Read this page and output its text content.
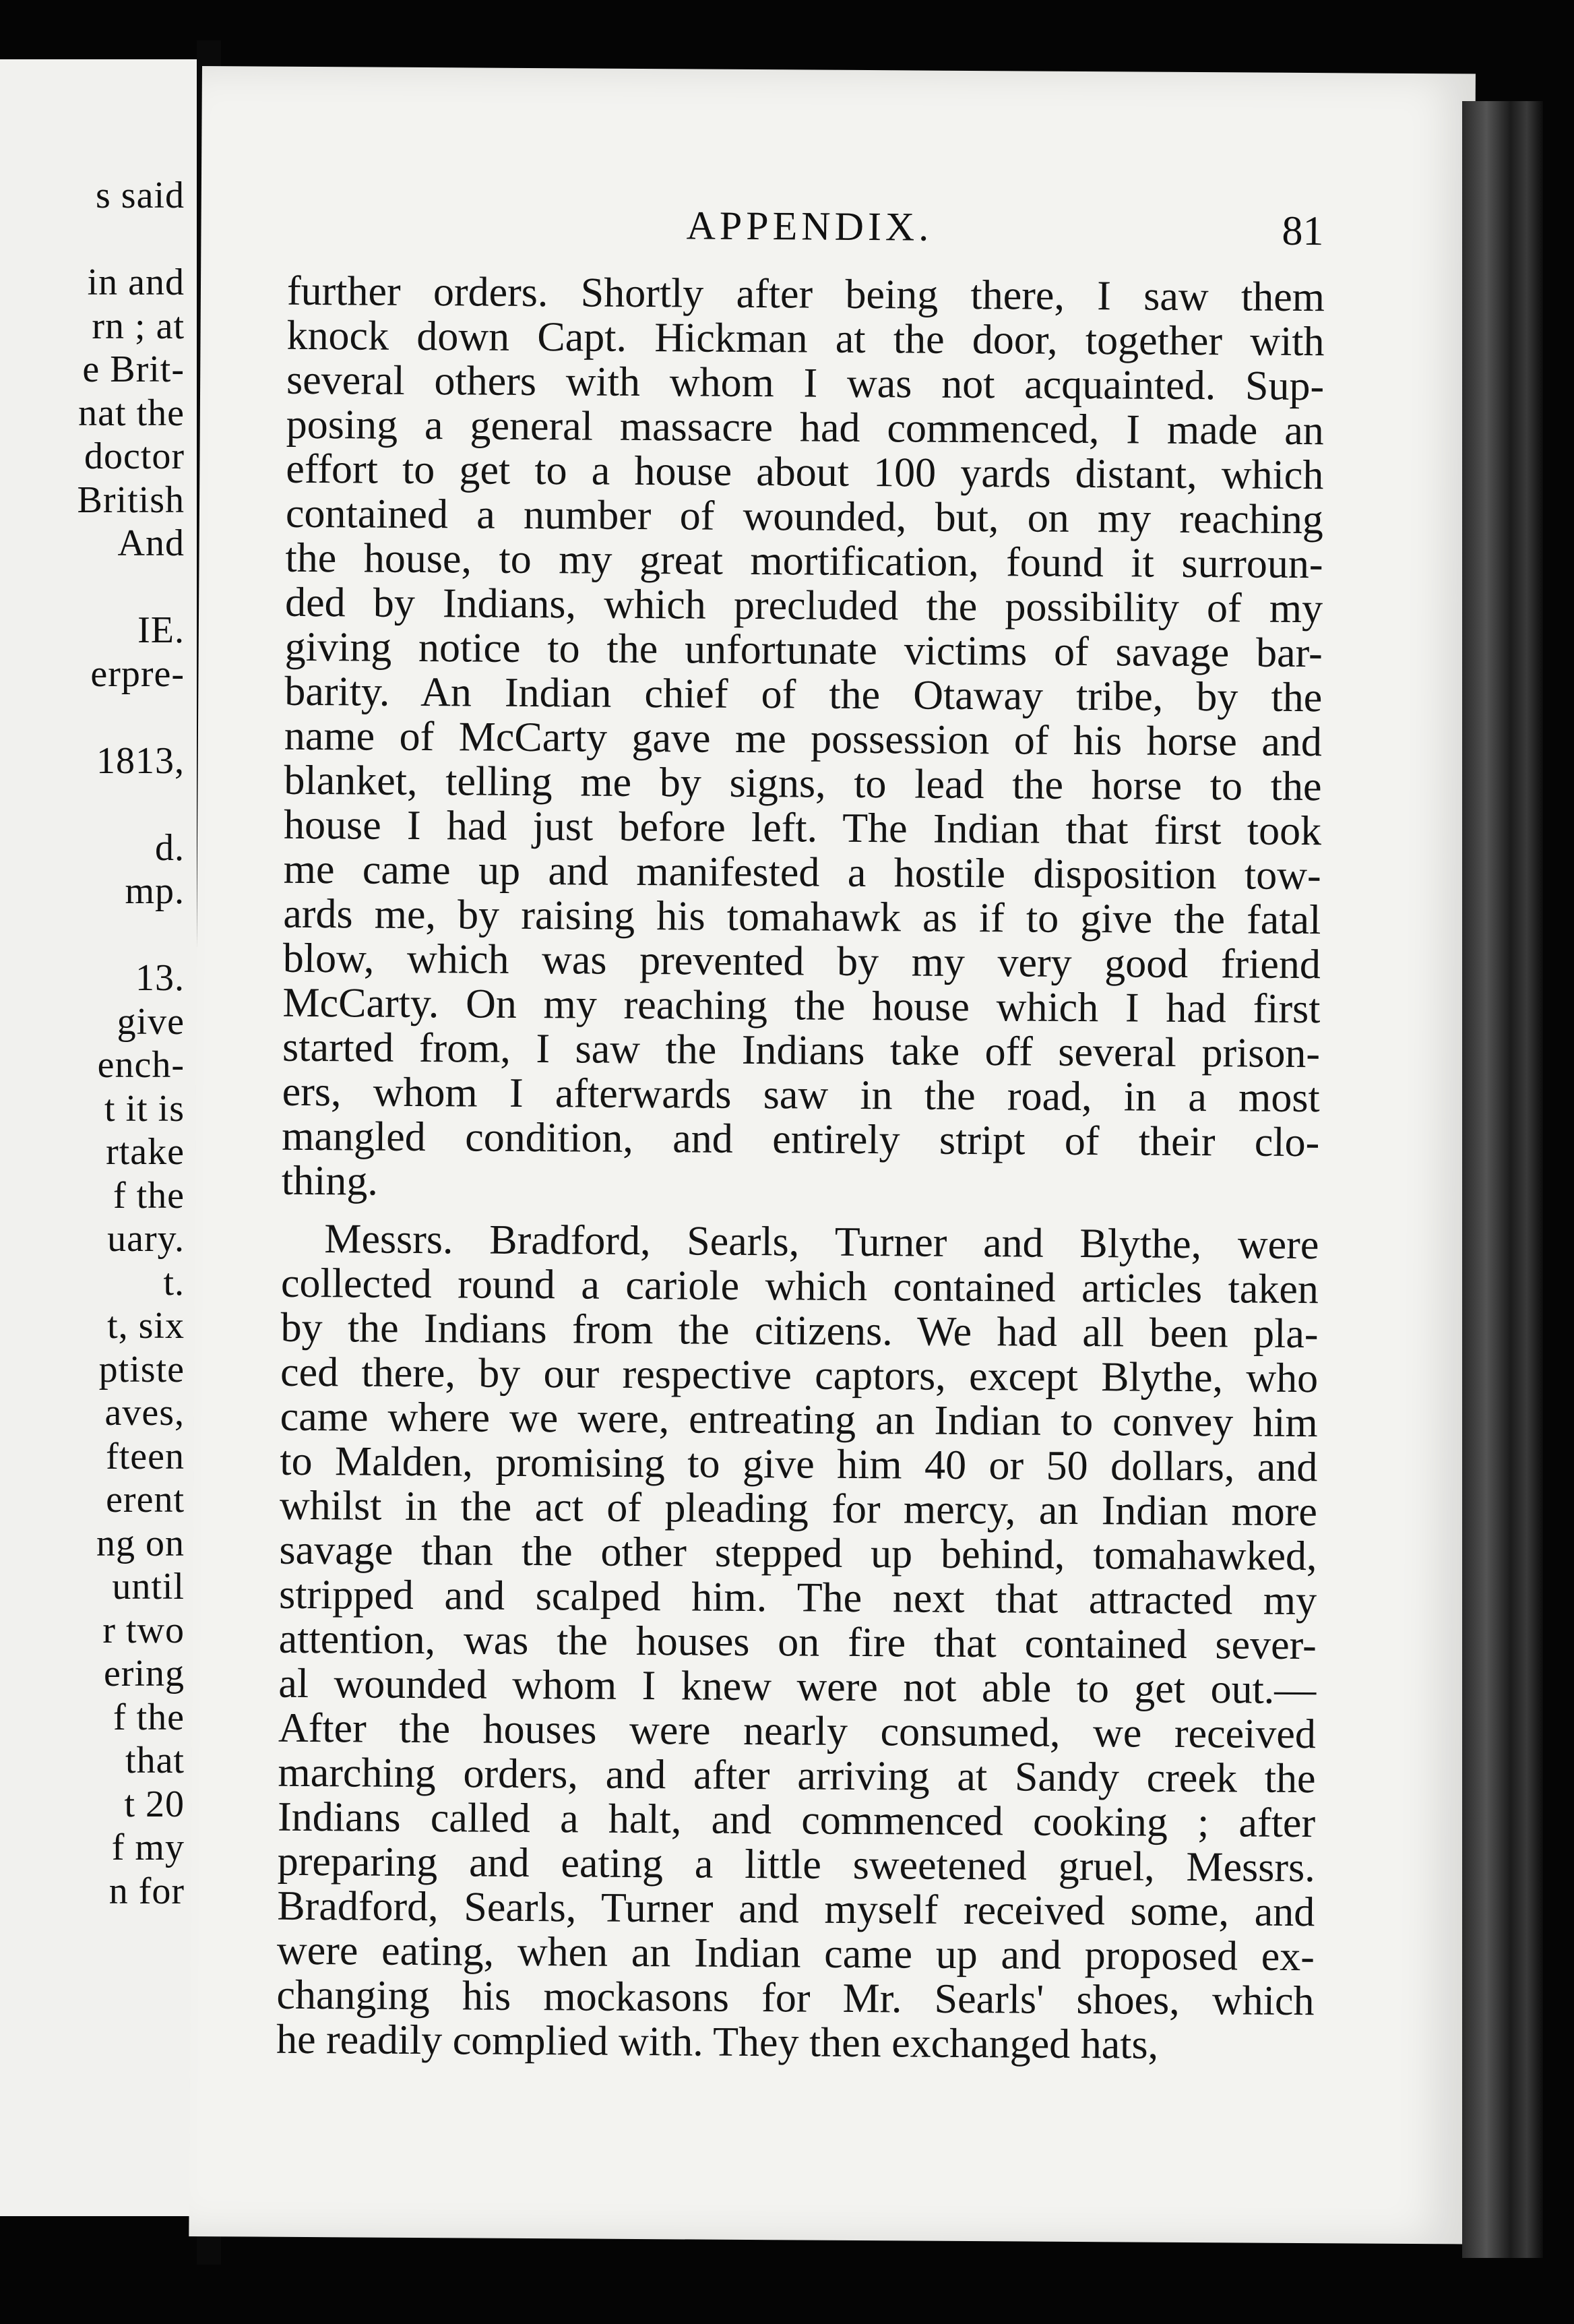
s said
in and
rn ; at
e Brit-
nat the
doctor
British
And
IE.
erpre-
1813,
d.
mp.
13.
give
ench-
t it is
rtake
f the
uary.
t.
t, six
ptiste
aves,
fteen
erent
ng on
until
r two
ering
f the
that
t 20
f my
n for
APPENDIX.	81
further orders. Shortly after being there, I saw them
knock down Capt. Hickman at the door, together with
several others with whom I was not acquainted. Sup-
posing a general massacre had commenced, I made an
effort to get to a house about 100 yards distant, which
contained a number of wounded, but, on my reaching
the house, to my great mortification, found it surroun-
ded by Indians, which precluded the possibility of my
giving notice to the unfortunate victims of savage bar-
barity. An Indian chief of the Otaway tribe, by the
name of McCarty gave me possession of his horse and
blanket, telling me by signs, to lead the horse to the
house I had just before left. The Indian that first took
me came up and manifested a hostile disposition tow-
ards me, by raising his tomahawk as if to give the fatal
blow, which was prevented by my very good friend
McCarty. On my reaching the house which I had first
started from, I saw the Indians take off several prison-
ers, whom I afterwards saw in the road, in a most
mangled condition, and entirely stript of their clo-
thing.
Messrs. Bradford, Searls, Turner and Blythe, were
collected round a cariole which contained articles taken
by the Indians from the citizens. We had all been pla-
ced there, by our respective captors, except Blythe, who
came where we were, entreating an Indian to convey him
to Malden, promising to give him 40 or 50 dollars, and
whilst in the act of pleading for mercy, an Indian more
savage than the other stepped up behind, tomahawked,
stripped and scalped him. The next that attracted my
attention, was the houses on fire that contained sever-
al wounded whom I knew were not able to get out.—
After the houses were nearly consumed, we received
marching orders, and after arriving at Sandy creek the
Indians called a halt, and commenced cooking ; after
preparing and eating a little sweetened gruel, Messrs.
Bradford, Searls, Turner and myself received some, and
were eating, when an Indian came up and proposed ex-
changing his mockasons for Mr. Searls' shoes, which
he readily complied with. They then exchanged hats,
